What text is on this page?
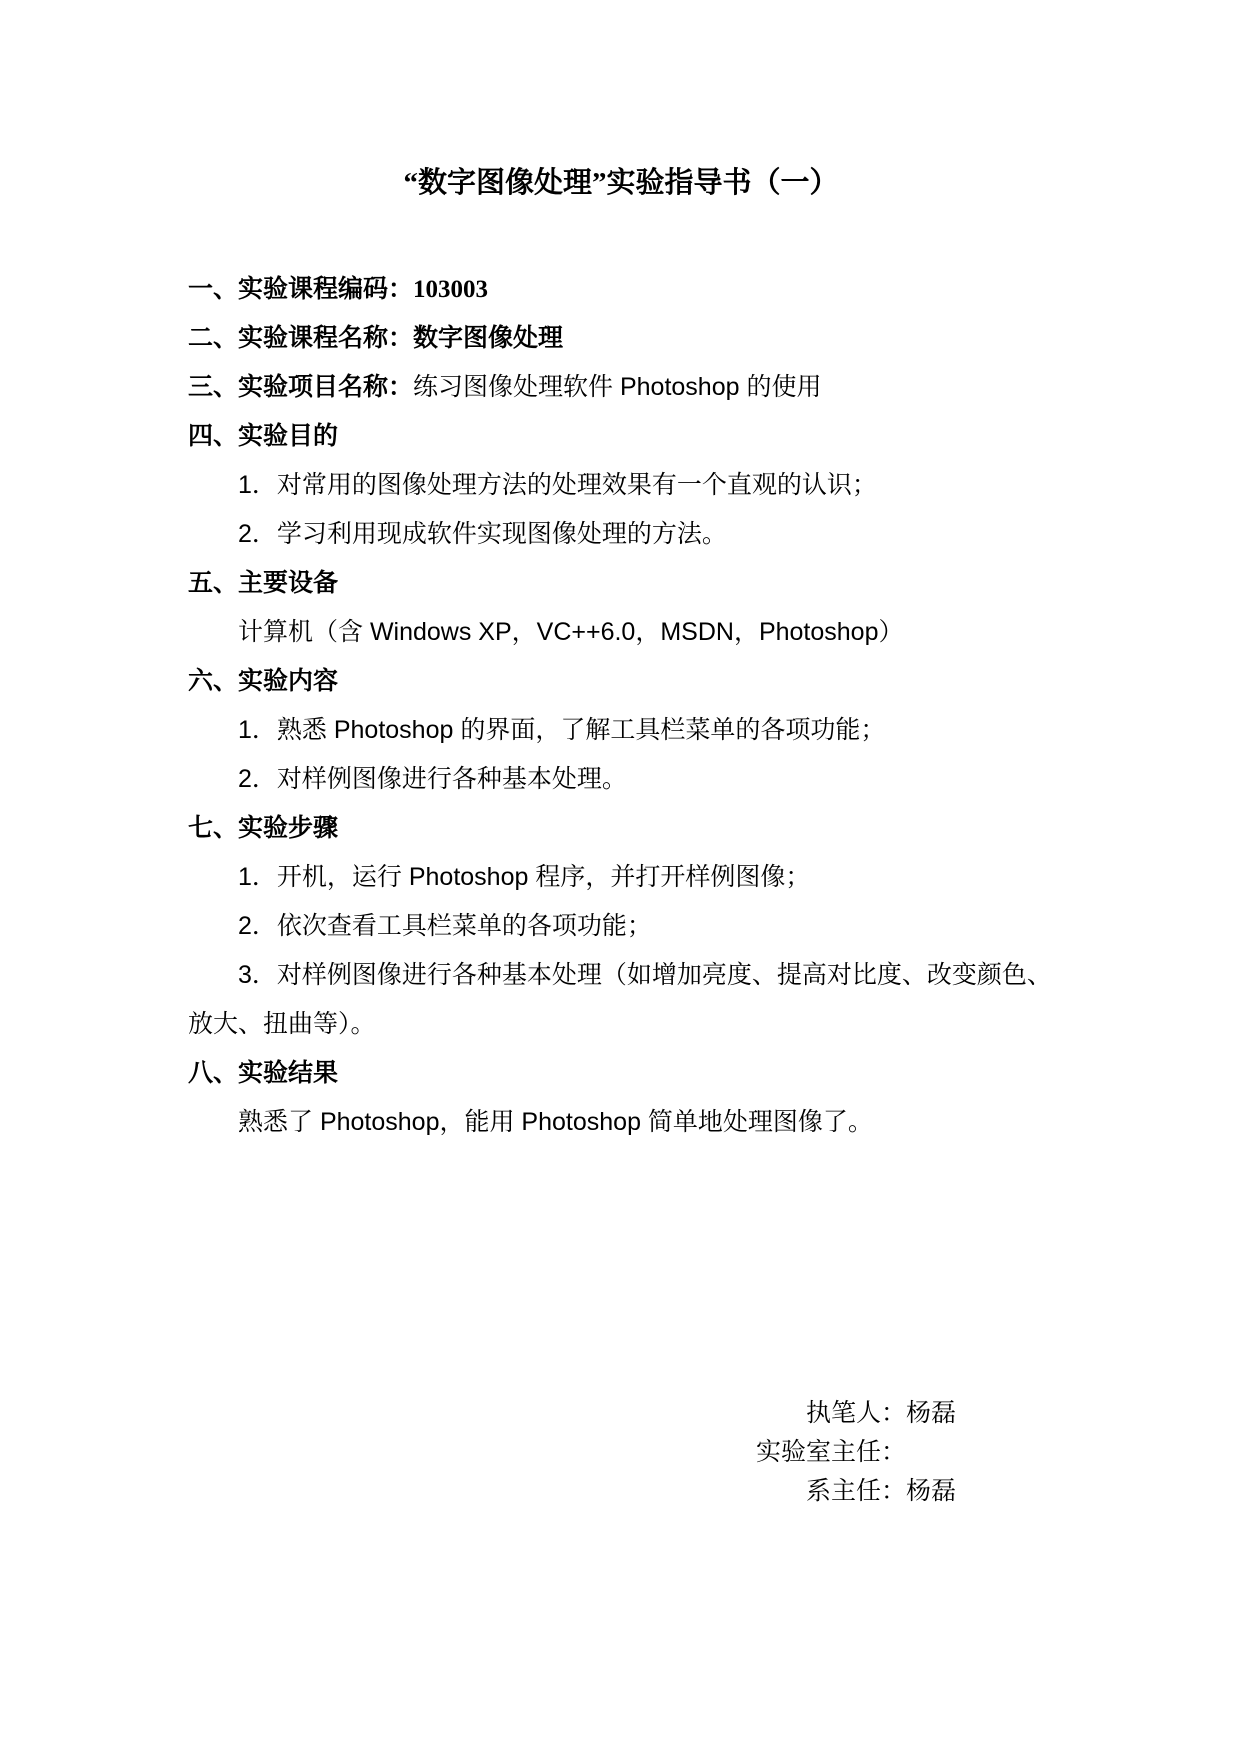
“数字图像处理”实验指导书（一）
一、实验课程编码：103003
二、实验课程名称：数字图像处理
三、实验项目名称：练习图像处理软件 Photoshop 的使用
四、实验目的
1．对常用的图像处理方法的处理效果有一个直观的认识；
2．学习利用现成软件实现图像处理的方法。
五、主要设备
计算机（含 Windows XP，VC++6.0，MSDN，Photoshop）
六、实验内容
1．熟悉 Photoshop 的界面，了解工具栏菜单的各项功能；
2．对样例图像进行各种基本处理。
七、实验步骤
1．开机，运行 Photoshop 程序，并打开样例图像；
2．依次查看工具栏菜单的各项功能；
3．对样例图像进行各种基本处理（如增加亮度、提高对比度、改变颜色、
放大、扭曲等）。
八、实验结果
熟悉了 Photoshop，能用 Photoshop 简单地处理图像了。
执笔人：杨磊
实验室主任：
系主任：杨磊
